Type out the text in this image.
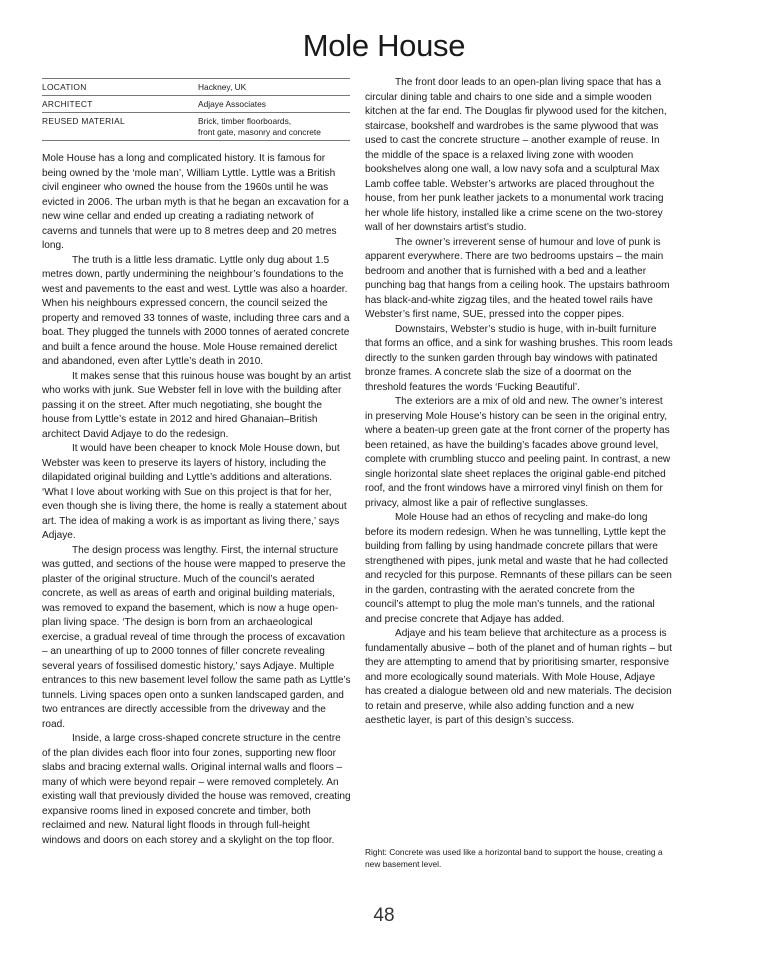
Mole House
LOCATION	Hackney, UK
ARCHITECT	Adjaye Associates
REUSED MATERIAL	Brick, timber floorboards,
front gate, masonry and concrete

Mole House has a long and complicated history. It is famous for being owned by the ‘mole man’, William Lyttle. Lyttle was a British civil engineer who owned the house from the 1960s until he was evicted in 2006. The urban myth is that he began an excavation for a new wine cellar and ended up creating a radiating network of caverns and tunnels that were up to 8 metres deep and 20 metres long.

The truth is a little less dramatic. Lyttle only dug about 1.5 metres down, partly undermining the neighbour’s foundations to the west and pavements to the east and west. Lyttle was also a hoarder. When his neighbours expressed concern, the council seized the property and removed 33 tonnes of waste, including three cars and a boat. They plugged the tunnels with 2000 tonnes of aerated concrete and built a fence around the house. Mole House remained derelict and abandoned, even after Lyttle’s death in 2010.

It makes sense that this ruinous house was bought by an artist who works with junk. Sue Webster fell in love with the building after passing it on the street. After much negotiating, she bought the house from Lyttle’s estate in 2012 and hired Ghanaian–British architect David Adjaye to do the redesign.

It would have been cheaper to knock Mole House down, but Webster was keen to preserve its layers of history, including the dilapidated original building and Lyttle’s additions and alterations. ‘What I love about working with Sue on this project is that for her, even though she is living there, the home is really a statement about art. The idea of making a work is as important as living there,’ says Adjaye.

The design process was lengthy. First, the internal structure was gutted, and sections of the house were mapped to preserve the plaster of the original structure. Much of the council’s aerated concrete, as well as areas of earth and original building materials, was removed to expand the basement, which is now a huge open-plan living space. ‘The design is born from an archaeological exercise, a gradual reveal of time through the process of excavation – an unearthing of up to 2000 tonnes of filler concrete revealing several years of fossilised domestic history,’ says Adjaye. Multiple entrances to this new basement level follow the same path as Lyttle’s tunnels. Living spaces open onto a sunken landscaped garden, and two entrances are directly accessible from the driveway and the road.

Inside, a large cross-shaped concrete structure in the centre of the plan divides each floor into four zones, supporting new floor slabs and bracing external walls. Original internal walls and floors – many of which were beyond repair – were removed completely. An existing wall that previously divided the house was removed, creating expansive rooms lined in exposed concrete and timber, both reclaimed and new. Natural light floods in through full-height windows and doors on each storey and a skylight on the top floor.

The front door leads to an open-plan living space that has a circular dining table and chairs to one side and a simple wooden kitchen at the far end. The Douglas fir plywood used for the kitchen, staircase, bookshelf and wardrobes is the same plywood that was used to cast the concrete structure – another example of reuse. In the middle of the space is a relaxed living zone with wooden bookshelves along one wall, a low navy sofa and a sculptural Max Lamb coffee table. Webster’s artworks are placed throughout the house, from her punk leather jackets to a monumental work tracing her whole life history, installed like a crime scene on the two-storey wall of her downstairs artist’s studio.

The owner’s irreverent sense of humour and love of punk is apparent everywhere. There are two bedrooms upstairs – the main bedroom and another that is furnished with a bed and a leather punching bag that hangs from a ceiling hook. The upstairs bathroom has black-and-white zigzag tiles, and the heated towel rails have Webster’s first name, SUE, pressed into the copper pipes.

Downstairs, Webster’s studio is huge, with in-built furniture that forms an office, and a sink for washing brushes. This room leads directly to the sunken garden through bay windows with patinated bronze frames. A concrete slab the size of a doormat on the threshold features the words ‘Fucking Beautiful’.

The exteriors are a mix of old and new. The owner’s interest in preserving Mole House’s history can be seen in the original entry, where a beaten-up green gate at the front corner of the property has been retained, as have the building’s facades above ground level, complete with crumbling stucco and peeling paint. In contrast, a new single horizontal slate sheet replaces the original gable-end pitched roof, and the front windows have a mirrored vinyl finish on them for privacy, almost like a pair of reflective sunglasses.

Mole House had an ethos of recycling and make-do long before its modern redesign. When he was tunnelling, Lyttle kept the building from falling by using handmade concrete pillars that were strengthened with pipes, junk metal and waste that he had collected and recycled for this purpose. Remnants of these pillars can be seen in the garden, contrasting with the aerated concrete from the council’s attempt to plug the mole man’s tunnels, and the rational and precise concrete that Adjaye has added.

Adjaye and his team believe that architecture as a process is fundamentally abusive – both of the planet and of human rights – but they are attempting to amend that by prioritising smarter, responsive and more ecologically sound materials. With Mole House, Adjaye has created a dialogue between old and new materials. The decision to retain and preserve, while also adding function and a new aesthetic layer, is part of this design’s success.

Right: Concrete was used like a horizontal band to support the house, creating a new basement level.
48
